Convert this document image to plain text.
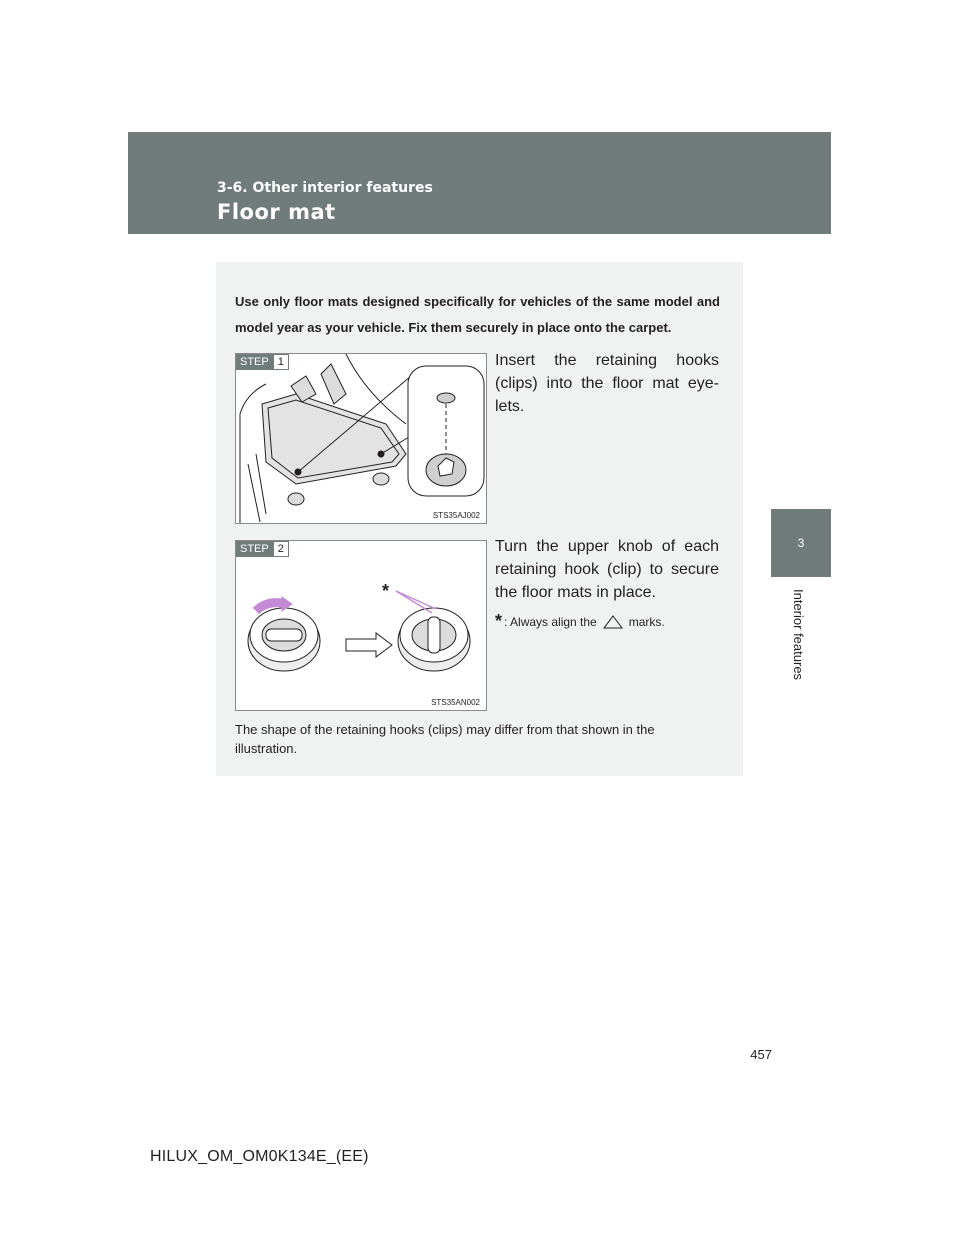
3-6. Other interior features
Floor mat
3
Interior features
Use only floor mats designed specifically for vehicles of the same model and model year as your vehicle. Fix them securely in place onto the carpet.
STEP 1
STS35AJ002
Insert the retaining hooks (clips) into the floor mat eye-lets.
STEP 2
*
STS35AN002
Turn the upper knob of each retaining hook (clip) to secure the floor mats in place.
* : Always align the	marks.
The shape of the retaining hooks (clips) may differ from that shown in the illustration.
457
HILUX_OM_OM0K134E_(EE)
